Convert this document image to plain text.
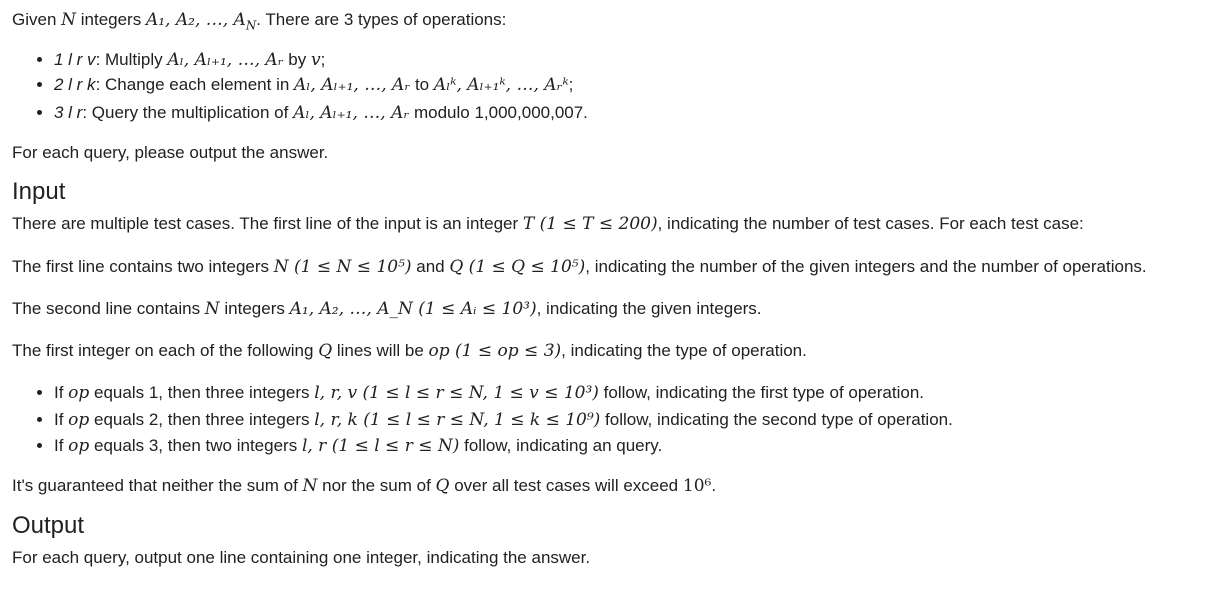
Given N integers A₁, A₂, …, $A_N$. There are 3 types of operations:

• 1 l r v: Multiply Aₗ, Aₗ₊₁, …, Aᵣ by v;
• 2 l r k: Change each element in Aₗ, Aₗ₊₁, …, Aᵣ to Aₗᵏ, Aₗ₊₁ᵏ, …, Aᵣᵏ;
• 3 l r: Query the multiplication of Aₗ, Aₗ₊₁, …, Aᵣ modulo 1,000,000,007.

For each query, please output the answer.

Input

There are multiple test cases. The first line of the input is an integer T (1 ≤ T ≤ 200), indicating the number of test cases. For each test case:

The first line contains two integers N (1 ≤ N ≤ 10⁵) and Q (1 ≤ Q ≤ 10⁵), indicating the number of the given integers and the number of operations.

The second line contains N integers A₁, A₂, …, A_N (1 ≤ Aᵢ ≤ 10³), indicating the given integers.

The first integer on each of the following Q lines will be op (1 ≤ op ≤ 3), indicating the type of operation.

• If op equals 1, then three integers l, r, v (1 ≤ l ≤ r ≤ N, 1 ≤ v ≤ 10³) follow, indicating the first type of operation.
• If op equals 2, then three integers l, r, k (1 ≤ l ≤ r ≤ N, 1 ≤ k ≤ 10⁹) follow, indicating the second type of operation.
• If op equals 3, then two integers l, r (1 ≤ l ≤ r ≤ N) follow, indicating an query.

It's guaranteed that neither the sum of N nor the sum of Q over all test cases will exceed 10⁶.

Output

For each query, output one line containing one integer, indicating the answer.
